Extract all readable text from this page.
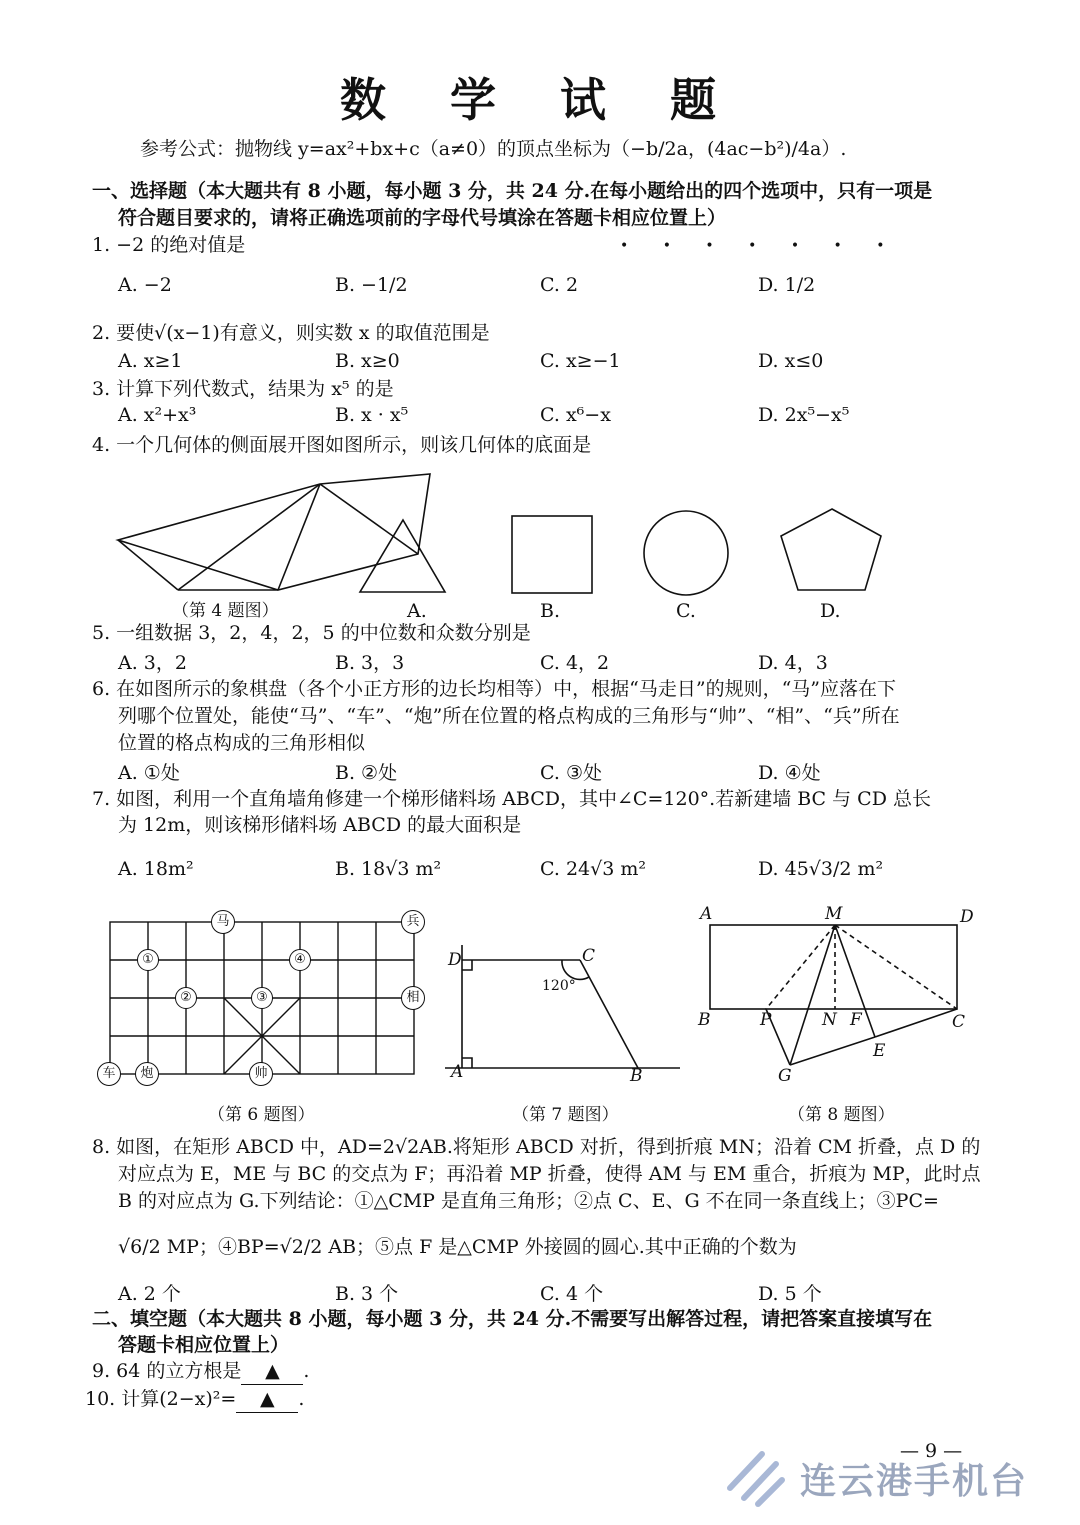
数 学 试 题
参考公式：抛物线 y=ax²+bx+c（a≠0）的顶点坐标为（−b/2a，(4ac−b²)/4a）.
一、选择题（本大题共有 8 小题，每小题 3 分，共 24 分.在每小题给出的四个选项中，只有一项是
符合题目要求的，请将正确选项前的字母代号填涂在答题卡相应位置上）
• • • • • • •
1. −2 的绝对值是
A. −2	B. −1/2	C. 2	D. 1/2
2. 要使√(x−1)有意义，则实数 x 的取值范围是
A. x≥1	B. x≥0	C. x≥−1	D. x≤0
3. 计算下列代数式，结果为 x⁵ 的是
A. x²+x³	B. x · x⁵	C. x⁶−x	D. 2x⁵−x⁵
4. 一个几何体的侧面展开图如图所示，则该几何体的底面是
（第 4 题图）	A.	B.	C.	D.
5. 一组数据 3，2，4，2，5 的中位数和众数分别是
A. 3，2	B. 3，3	C. 4，2	D. 4，3
6. 在如图所示的象棋盘（各个小正方形的边长均相等）中，根据“马走日”的规则，“马”应落在下
列哪个位置处，能使“马”、“车”、“炮”所在位置的格点构成的三角形与“帅”、“相”、“兵”所在
位置的格点构成的三角形相似
A. ①处	B. ②处	C. ③处	D. ④处
7. 如图，利用一个直角墙角修建一个梯形储料场 ABCD，其中∠C=120°.若新建墙 BC 与 CD 总长
为 12m，则该梯形储料场 ABCD 的最大面积是
A. 18m²	B. 18√3 m²	C. 24√3 m²	D. 45√3/2 m²
马	兵
相
车	炮	帅
①
②	③
④
（第 6 题图）
D	C
A	B
120°
（第 7 题图）
A	M	D
B	P	N F	C
E
G
（第 8 题图）
8. 如图，在矩形 ABCD 中，AD=2√2AB.将矩形 ABCD 对折，得到折痕 MN；沿着 CM 折叠，点 D 的
对应点为 E，ME 与 BC 的交点为 F；再沿着 MP 折叠，使得 AM 与 EM 重合，折痕为 MP，此时点
B 的对应点为 G.下列结论：①△CMP 是直角三角形；②点 C、E、G 不在同一条直线上；③PC=
√6/2 MP；④BP=√2/2 AB；⑤点 F 是△CMP 外接圆的圆心.其中正确的个数为
A. 2 个	B. 3 个	C. 4 个	D. 5 个
二、填空题（本大题共 8 小题，每小题 3 分，共 24 分.不需要写出解答过程，请把答案直接填写在
答题卡相应位置上）
9. 64 的立方根是 ▲ .
10. 计算(2−x)²= ▲ .
— 9 —
连云港手机台
